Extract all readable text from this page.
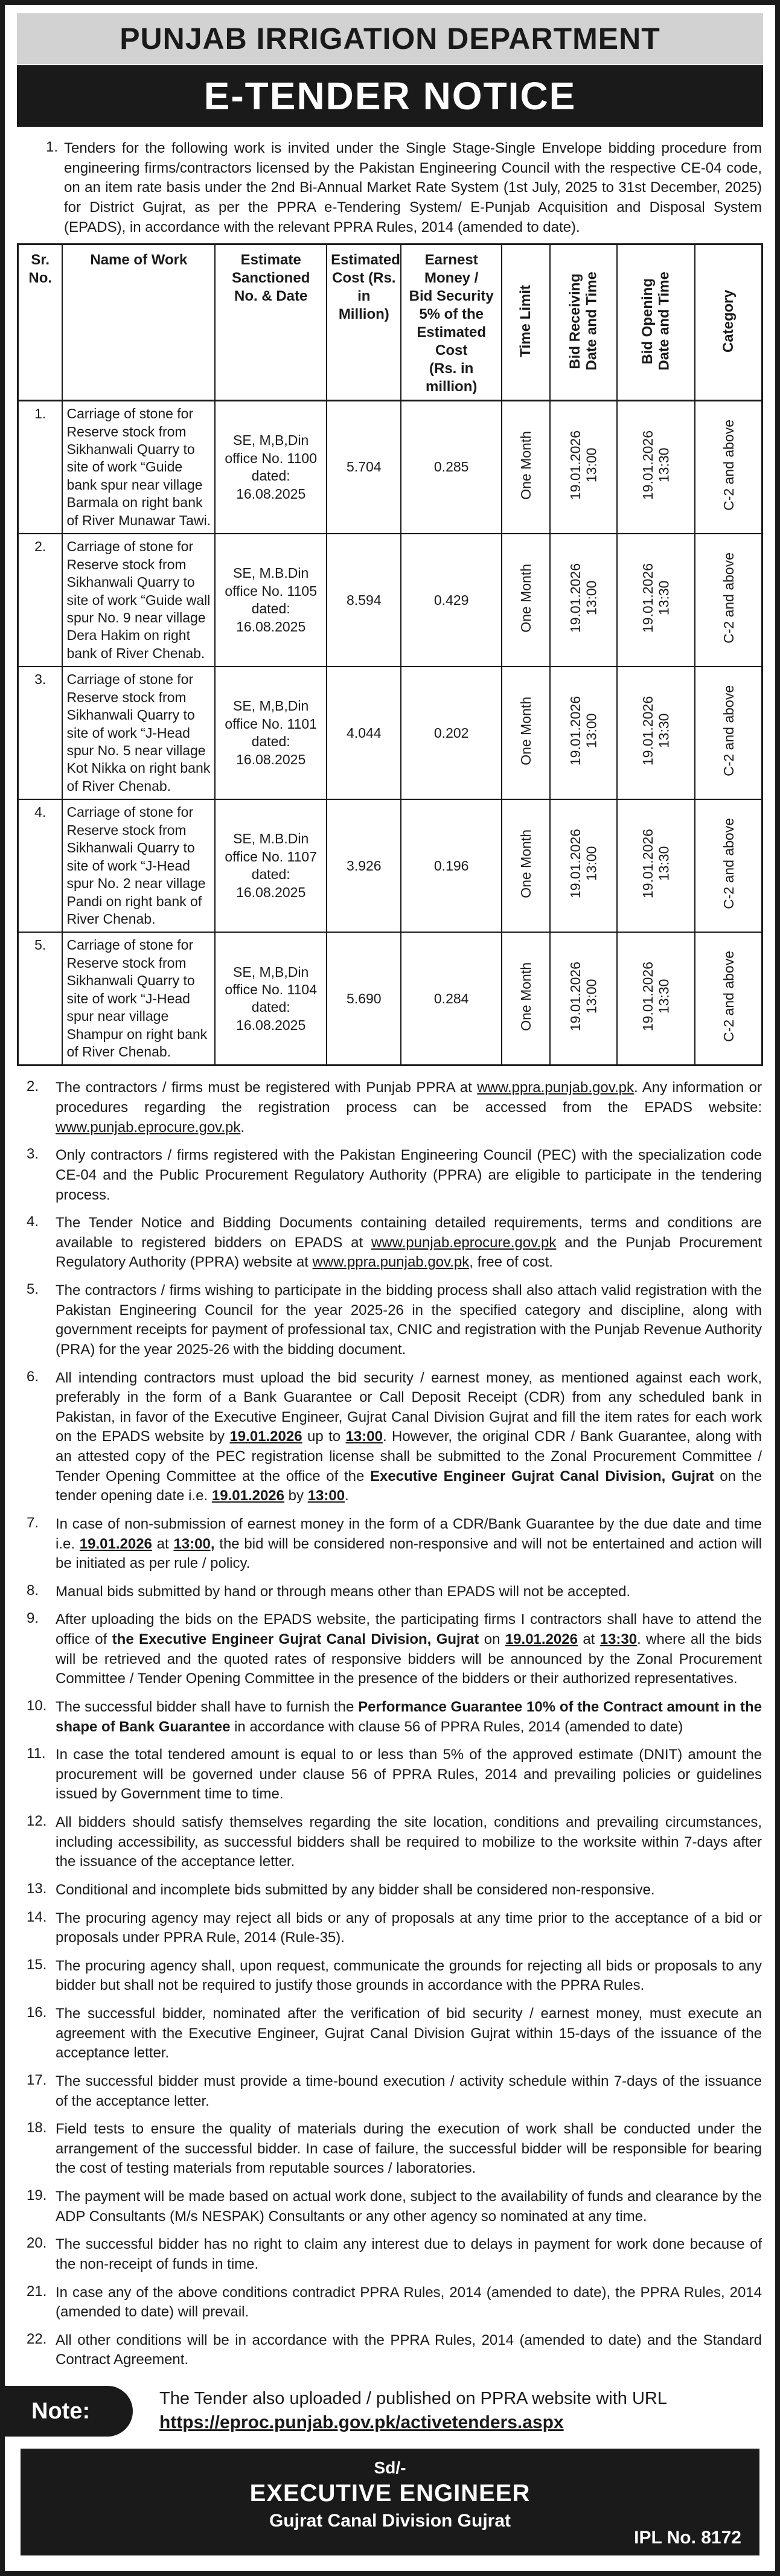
PUNJAB IRRIGATION DEPARTMENT
E-TENDER NOTICE
1. Tenders for the following work is invited under the Single Stage-Single Envelope bidding procedure from engineering firms/contractors licensed by the Pakistan Engineering Council with the respective CE-04 code, on an item rate basis under the 2nd Bi-Annual Market Rate System (1st July, 2025 to 31st December, 2025) for District Gujrat, as per the PPRA e-Tendering System/ E-Punjab Acquisition and Disposal System (EPADS), in accordance with the relevant PPRA Rules, 2014 (amended to date).
Sr.
No.	Name of Work	Estimate
Sanctioned
No. & Date	Estimated
Cost (Rs.
in Million)	Earnest
Money /
Bid Security
5% of the
Estimated Cost
(Rs. in million)	Time Limit	Bid Receiving
Date and Time	Bid Opening
Date and Time	Category
1.	Carriage of stone for Reserve stock from Sikhanwali Quarry to site of work “Guide bank spur near village Barmala on right bank of River Munawar Tawi.	SE, M,B,Din
office No. 1100
dated:
16.08.2025	5.704	0.285	One Month	19.01.2026
13:00	19.01.2026
13:30	C-2 and above
2.	Carriage of stone for Reserve stock from Sikhanwali Quarry to site of work “Guide wall spur No. 9 near village Dera Hakim on right bank of River Chenab.	SE, M.B.Din
office No. 1105
dated:
16.08.2025	8.594	0.429	One Month	19.01.2026
13:00	19.01.2026
13:30	C-2 and above
3.	Carriage of stone for Reserve stock from Sikhanwali Quarry to site of work “J-Head spur No. 5 near village Kot Nikka on right bank of River Chenab.	SE, M,B,Din
office No. 1101
dated:
16.08.2025	4.044	0.202	One Month	19.01.2026
13:00	19.01.2026
13:30	C-2 and above
4.	Carriage of stone for Reserve stock from Sikhanwali Quarry to site of work “J-Head spur No. 2 near village Pandi on right bank of River Chenab.	SE, M.B.Din
office No. 1107
dated:
16.08.2025	3.926	0.196	One Month	19.01.2026
13:00	19.01.2026
13:30	C-2 and above
5.	Carriage of stone for Reserve stock from Sikhanwali Quarry to site of work “J-Head spur near village Shampur on right bank of River Chenab.	SE, M,B,Din
office No. 1104
dated:
16.08.2025	5.690	0.284	One Month	19.01.2026
13:00	19.01.2026
13:30	C-2 and above
2.	The contractors / firms must be registered with Punjab PPRA at www.ppra.punjab.gov.pk. Any information or procedures regarding the registration process can be accessed from the EPADS website: www.punjab.eprocure.gov.pk.
3.	Only contractors / firms registered with the Pakistan Engineering Council (PEC) with the specialization code CE-04 and the Public Procurement Regulatory Authority (PPRA) are eligible to participate in the tendering process.
4.	The Tender Notice and Bidding Documents containing detailed requirements, terms and conditions are available to registered bidders on EPADS at www.punjab.eprocure.gov.pk and the Punjab Procurement Regulatory Authority (PPRA) website at www.ppra.punjab.gov.pk, free of cost.
5.	The contractors / firms wishing to participate in the bidding process shall also attach valid registration with the Pakistan Engineering Council for the year 2025-26 in the specified category and discipline, along with government receipts for payment of professional tax, CNIC and registration with the Punjab Revenue Authority (PRA) for the year 2025-26 with the bidding document.
6.	All intending contractors must upload the bid security / earnest money, as mentioned against each work, preferably in the form of a Bank Guarantee or Call Deposit Receipt (CDR) from any scheduled bank in Pakistan, in favor of the Executive Engineer, Gujrat Canal Division Gujrat and fill the item rates for each work on the EPADS website by 19.01.2026 up to 13:00. However, the original CDR / Bank Guarantee, along with an attested copy of the PEC registration license shall be submitted to the Zonal Procurement Committee / Tender Opening Committee at the office of the Executive Engineer Gujrat Canal Division, Gujrat on the tender opening date i.e. 19.01.2026 by 13:00.
7.	In case of non-submission of earnest money in the form of a CDR/Bank Guarantee by the due date and time i.e. 19.01.2026 at 13:00, the bid will be considered non-responsive and will not be entertained and action will be initiated as per rule / policy.
8.	Manual bids submitted by hand or through means other than EPADS will not be accepted.
9.	After uploading the bids on the EPADS website, the participating firms I contractors shall have to attend the office of the Executive Engineer Gujrat Canal Division, Gujrat on 19.01.2026 at 13:30. where all the bids will be retrieved and the quoted rates of responsive bidders will be announced by the Zonal Procurement Committee / Tender Opening Committee in the presence of the bidders or their authorized representatives.
10. The successful bidder shall have to furnish the Performance Guarantee 10% of the Contract amount in the shape of Bank Guarantee in accordance with clause 56 of PPRA Rules, 2014 (amended to date)
11. In case the total tendered amount is equal to or less than 5% of the approved estimate (DNIT) amount the procurement will be governed under clause 56 of PPRA Rules, 2014 and prevailing policies or guidelines issued by Government time to time.
12. All bidders should satisfy themselves regarding the site location, conditions and prevailing circumstances, including accessibility, as successful bidders shall be required to mobilize to the worksite within 7-days after the issuance of the acceptance letter.
13. Conditional and incomplete bids submitted by any bidder shall be considered non-responsive.
14. The procuring agency may reject all bids or any of proposals at any time prior to the acceptance of a bid or proposals under PPRA Rule, 2014 (Rule-35).
15. The procuring agency shall, upon request, communicate the grounds for rejecting all bids or proposals to any bidder but shall not be required to justify those grounds in accordance with the PPRA Rules.
16. The successful bidder, nominated after the verification of bid security / earnest money, must execute an agreement with the Executive Engineer, Gujrat Canal Division Gujrat within 15-days of the issuance of the acceptance letter.
17. The successful bidder must provide a time-bound execution / activity schedule within 7-days of the issuance of the acceptance letter.
18. Field tests to ensure the quality of materials during the execution of work shall be conducted under the arrangement of the successful bidder. In case of failure, the successful bidder will be responsible for bearing the cost of testing materials from reputable sources / laboratories.
19. The payment will be made based on actual work done, subject to the availability of funds and clearance by the ADP Consultants (M/s NESPAK) Consultants or any other agency so nominated at any time.
20. The successful bidder has no right to claim any interest due to delays in payment for work done because of the non-receipt of funds in time.
21. In case any of the above conditions contradict PPRA Rules, 2014 (amended to date), the PPRA Rules, 2014 (amended to date) will prevail.
22. All other conditions will be in accordance with the PPRA Rules, 2014 (amended to date) and the Standard Contract Agreement.
Note:	The Tender also uploaded / published on PPRA website with URL
https://eproc.punjab.gov.pk/activetenders.aspx
Sd/-
EXECUTIVE ENGINEER
Gujrat Canal Division Gujrat
IPL No. 8172
